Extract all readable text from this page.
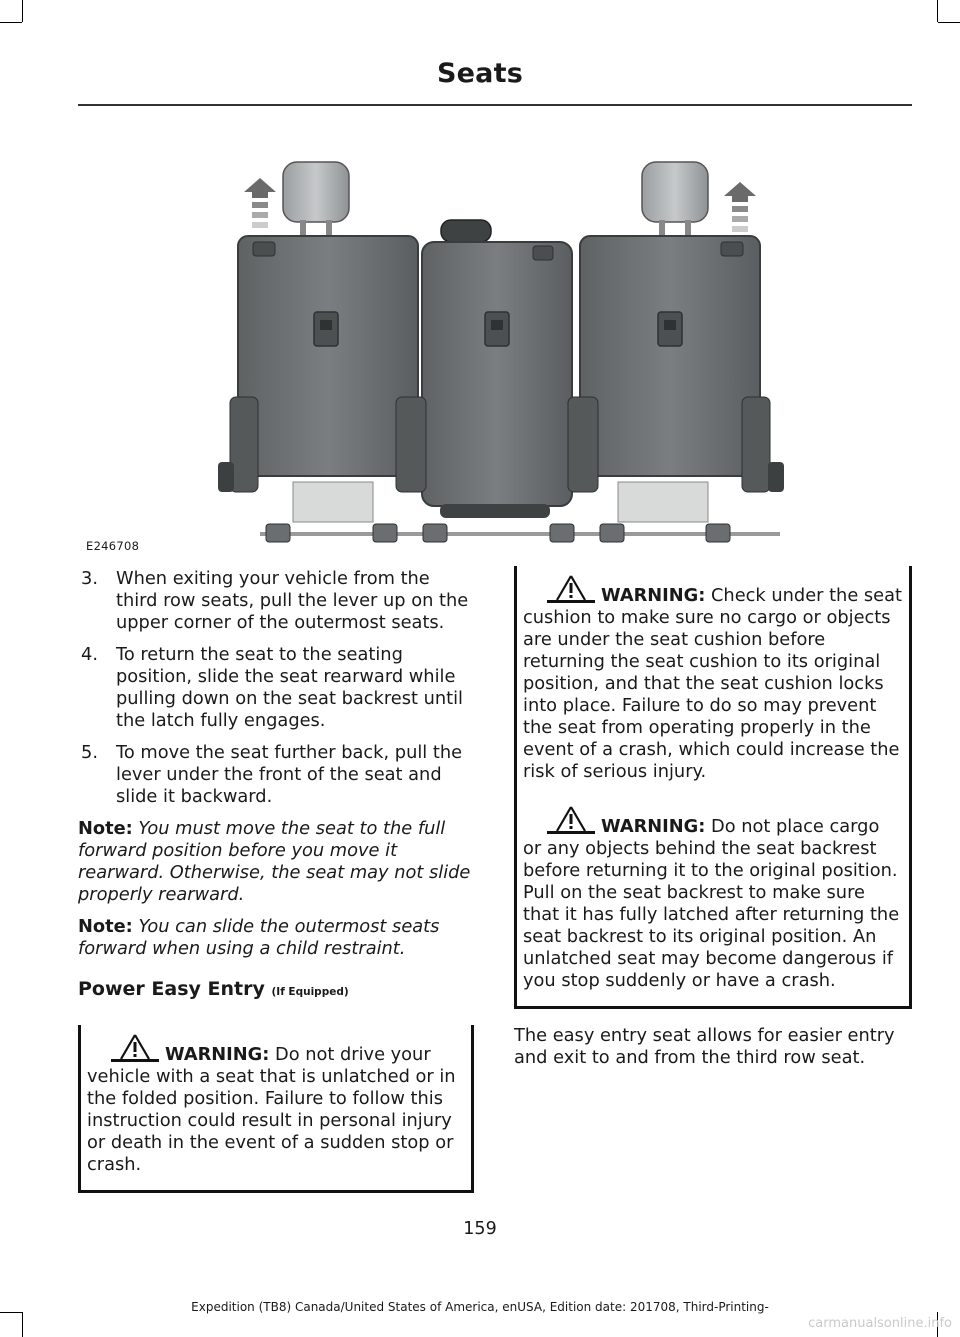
Seats
E246708
3.	When exiting your vehicle from the third row seats, pull the lever up on the upper corner of the outermost seats.
4.	To return the seat to the seating position, slide the seat rearward while pulling down on the seat backrest until the latch fully engages.
5.	To move the seat further back, pull the lever under the front of the seat and slide it backward.

Note: You must move the seat to the full forward position before you move it rearward. Otherwise, the seat may not slide properly rearward.

Note: You can slide the outermost seats forward when using a child restraint.

Power Easy Entry (If Equipped)

WARNING: Do not drive your vehicle with a seat that is unlatched or in the folded position. Failure to follow this instruction could result in personal injury or death in the event of a sudden stop or crash.

WARNING: Check under the seat cushion to make sure no cargo or objects are under the seat cushion before returning the seat cushion to its original position, and that the seat cushion locks into place. Failure to do so may prevent the seat from operating properly in the event of a crash, which could increase the risk of serious injury.

WARNING: Do not place cargo or any objects behind the seat backrest before returning it to the original position. Pull on the seat backrest to make sure that it has fully latched after returning the seat backrest to its original position. An unlatched seat may become dangerous if you stop suddenly or have a crash.

The easy entry seat allows for easier entry and exit to and from the third row seat.

159
Expedition (TB8) Canada/United States of America, enUSA, Edition date: 201708, Third-Printing-
carmanualsonline.info
